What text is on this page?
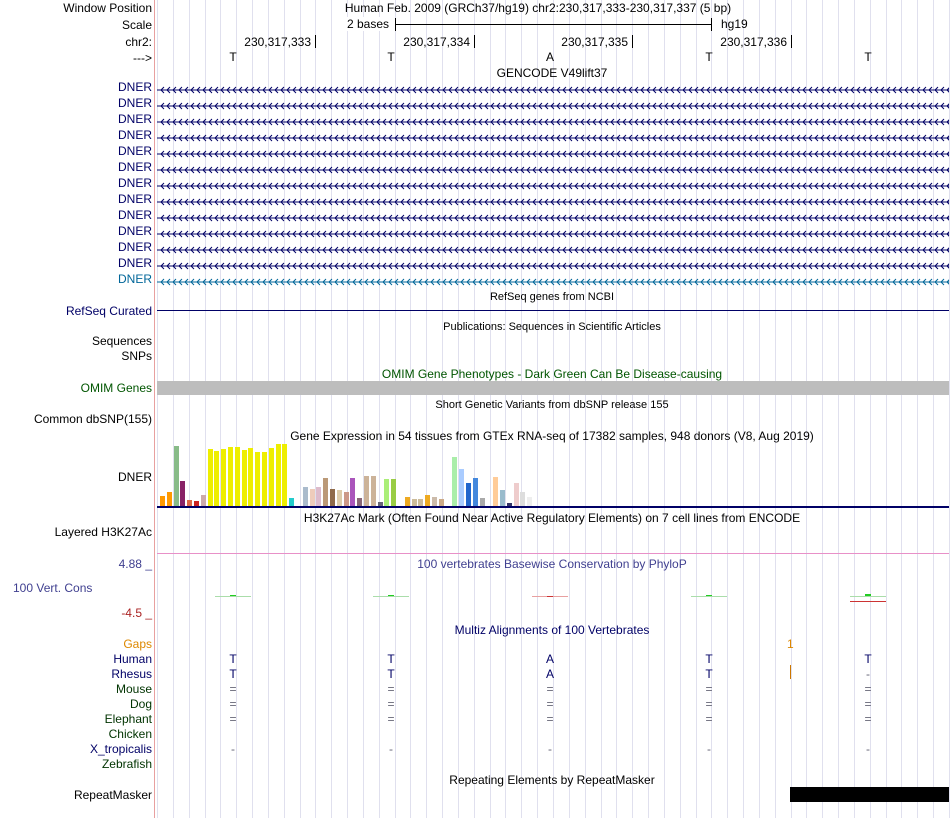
Window Position	Human Feb. 2009 (GRCh37/hg19) chr2:230,317,333-230,317,337 (5 bp)
Scale	2 bases	hg19
chr2:	230,317,333	230,317,334	230,317,335	230,317,336
--->	T	T	A	T	T
GENCODE V49lift37
DNER
DNER
DNER
DNER
DNER
DNER
DNER
DNER
DNER
DNER
DNER
DNER
DNER
RefSeq genes from NCBI
RefSeq Curated
Publications: Sequences in Scientific Articles
Sequences
SNPs
OMIM Gene Phenotypes - Dark Green Can Be Disease-causing
OMIM Genes
Short Genetic Variants from dbSNP release 155
Common dbSNP(155)
Gene Expression in 54 tissues from GTEx RNA-seq of 17382 samples, 948 donors (V8, Aug 2019)
DNER
H3K27Ac Mark (Often Found Near Active Regulatory Elements) on 7 cell lines from ENCODE
Layered H3K27Ac
100 vertebrates Basewise Conservation by PhyloP
4.88 _
100 Vert. Cons
-4.5 _
Multiz Alignments of 100 Vertebrates
Gaps	1
Human	T	T	A	T	T
Rhesus	T	T	A	T	-
Mouse	=	=	=	=	=
Dog	=	=	=	=	=
Elephant	=	=	=	=	=
Chicken
X_tropicalis	-	-	-	-	-
Zebrafish
Repeating Elements by RepeatMasker
RepeatMasker
